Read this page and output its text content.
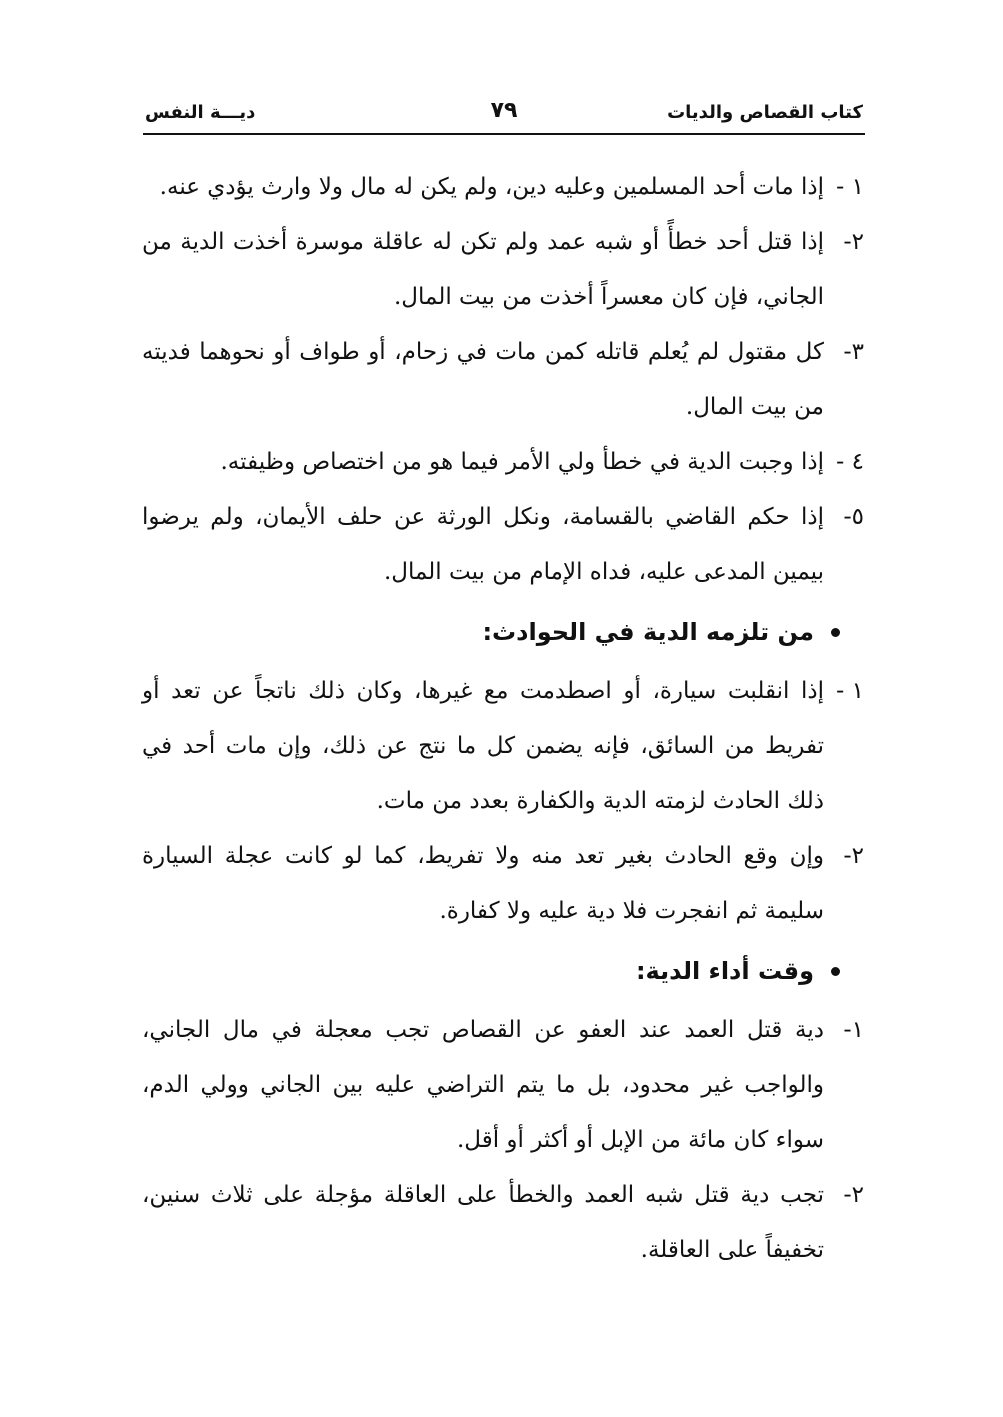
كتاب القصاص والديات
٧٩
ديـــة النفس
١ -
إذا مات أحد المسلمين وعليه دين، ولم يكن له مال ولا وارث يؤدي عنه.
٢-
إذا قتل أحد خطأً أو شبه عمد ولم تكن له عاقلة موسرة أخذت الدية من الجاني، فإن كان معسراً أخذت من بيت المال.
٣-
كل مقتول لم يُعلم قاتله كمن مات في زحام، أو طواف أو نحوهما فديته من بيت المال.
٤ -
إذا وجبت الدية في خطأ ولي الأمر فيما هو من اختصاص وظيفته.
٥-
إذا حكم القاضي بالقسامة، ونكل الورثة عن حلف الأيمان، ولم يرضوا بيمين المدعى عليه، فداه الإمام من بيت المال.
من تلزمه الدية في الحوادث:
١ -
إذا انقلبت سيارة، أو اصطدمت مع غيرها، وكان ذلك ناتجاً عن تعد أو تفريط من السائق، فإنه يضمن كل ما نتج عن ذلك، وإن مات أحد في ذلك الحادث لزمته الدية والكفارة بعدد من مات.
٢-
وإن وقع الحادث بغير تعد منه ولا تفريط، كما لو كانت عجلة السيارة سليمة ثم انفجرت فلا دية عليه ولا كفارة.
وقت أداء الدية:
١-
دية قتل العمد عند العفو عن القصاص تجب معجلة في مال الجاني، والواجب غير محدود، بل ما يتم التراضي عليه بين الجاني وولي الدم، سواء كان مائة من الإبل أو أكثر أو أقل.
٢-
تجب دية قتل شبه العمد والخطأ على العاقلة مؤجلة على ثلاث سنين، تخفيفاً على العاقلة.
